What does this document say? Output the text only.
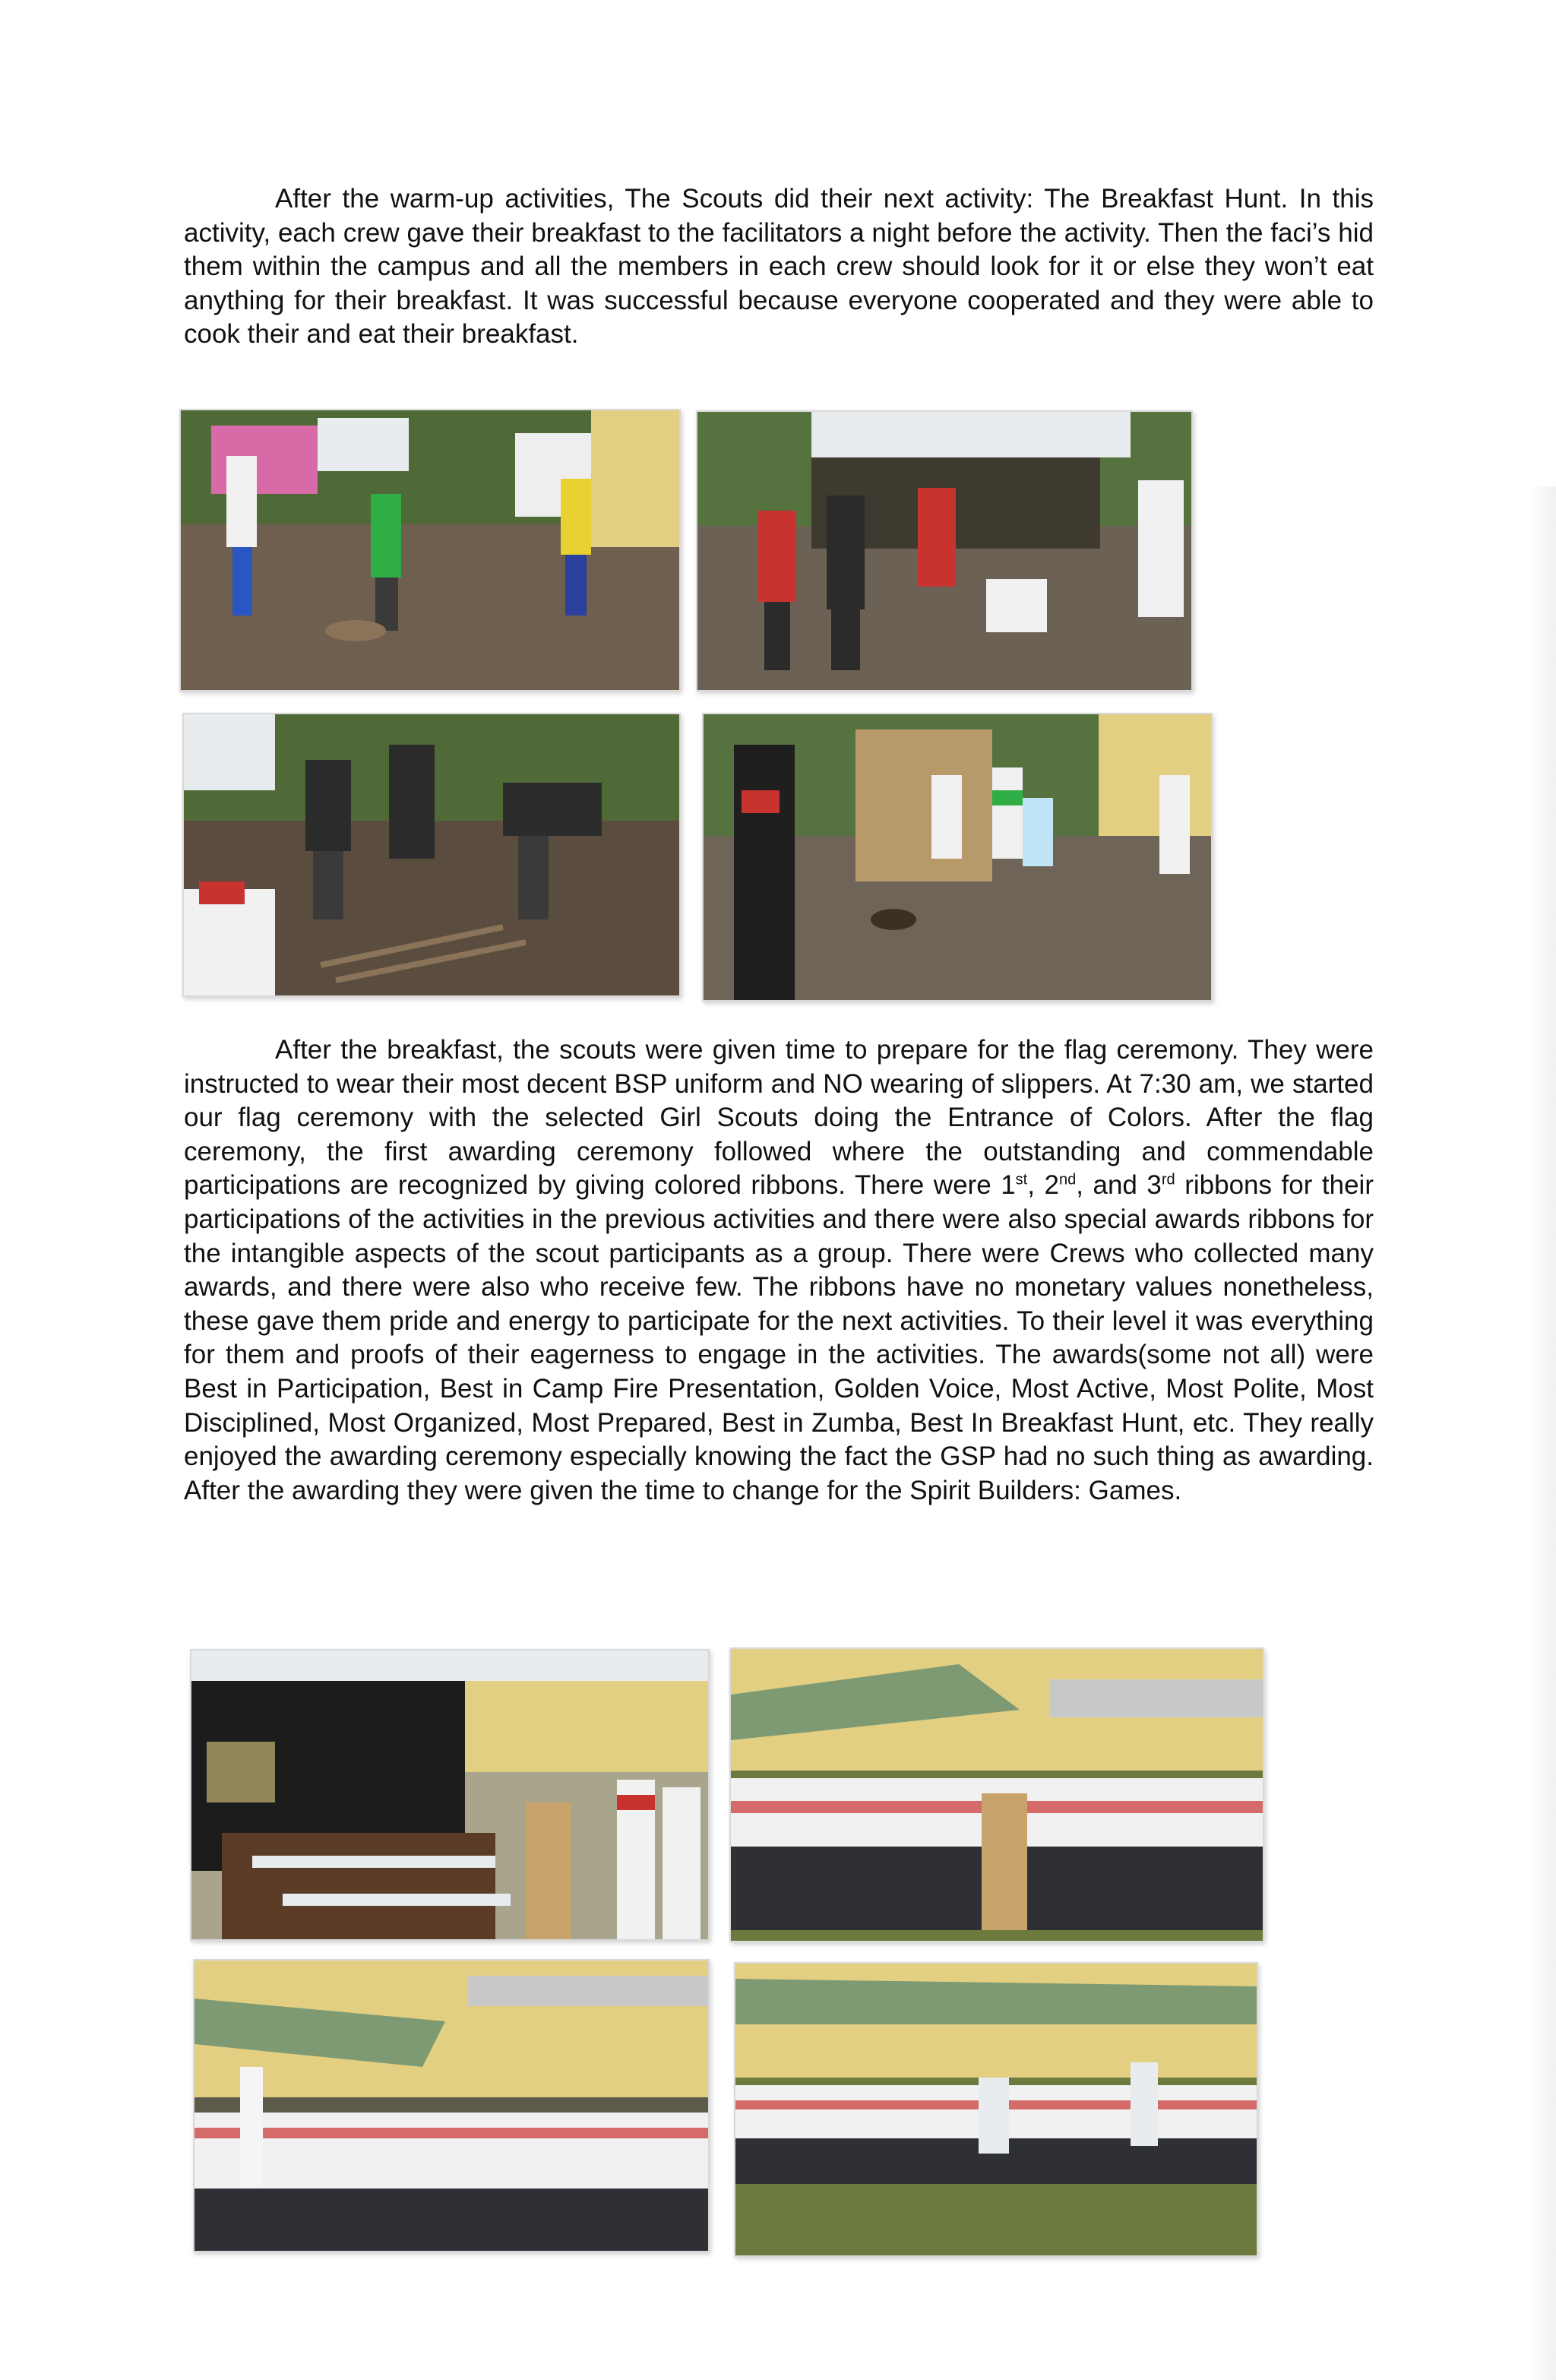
After the warm-up activities, The Scouts did their next activity: The Breakfast Hunt. In this activity, each crew gave their breakfast to the facilitators a night before the activity. Then the faci’s hid them within the campus and all the members in each crew should look for it or else they won’t eat anything for their breakfast. It was successful because everyone cooperated and they were able to cook their and eat their breakfast.

After the breakfast, the scouts were given time to prepare for the flag ceremony. They were instructed to wear their most decent BSP uniform and NO wearing of slippers. At 7:30 am, we started our flag ceremony with the selected Girl Scouts doing the Entrance of Colors. After the flag ceremony, the first awarding ceremony followed where the outstanding and commendable participations are recognized by giving colored ribbons. There were 1st, 2nd, and 3rd ribbons for their participations of the activities in the previous activities and there were also special awards ribbons for the intangible aspects of the scout participants as a group. There were Crews who collected many awards, and there were also who receive few. The ribbons have no monetary values nonetheless, these gave them pride and energy to participate for the next activities. To their level it was everything for them and proofs of their eagerness to engage in the activities. The awards(some not all) were Best in Participation, Best in Camp Fire Presentation, Golden Voice, Most Active, Most Polite, Most Disciplined, Most Organized, Most Prepared, Best in Zumba, Best In Breakfast Hunt, etc. They really enjoyed the awarding ceremony especially knowing the fact the GSP had no such thing as awarding. After the awarding they were given the time to change for the Spirit Builders: Games.
